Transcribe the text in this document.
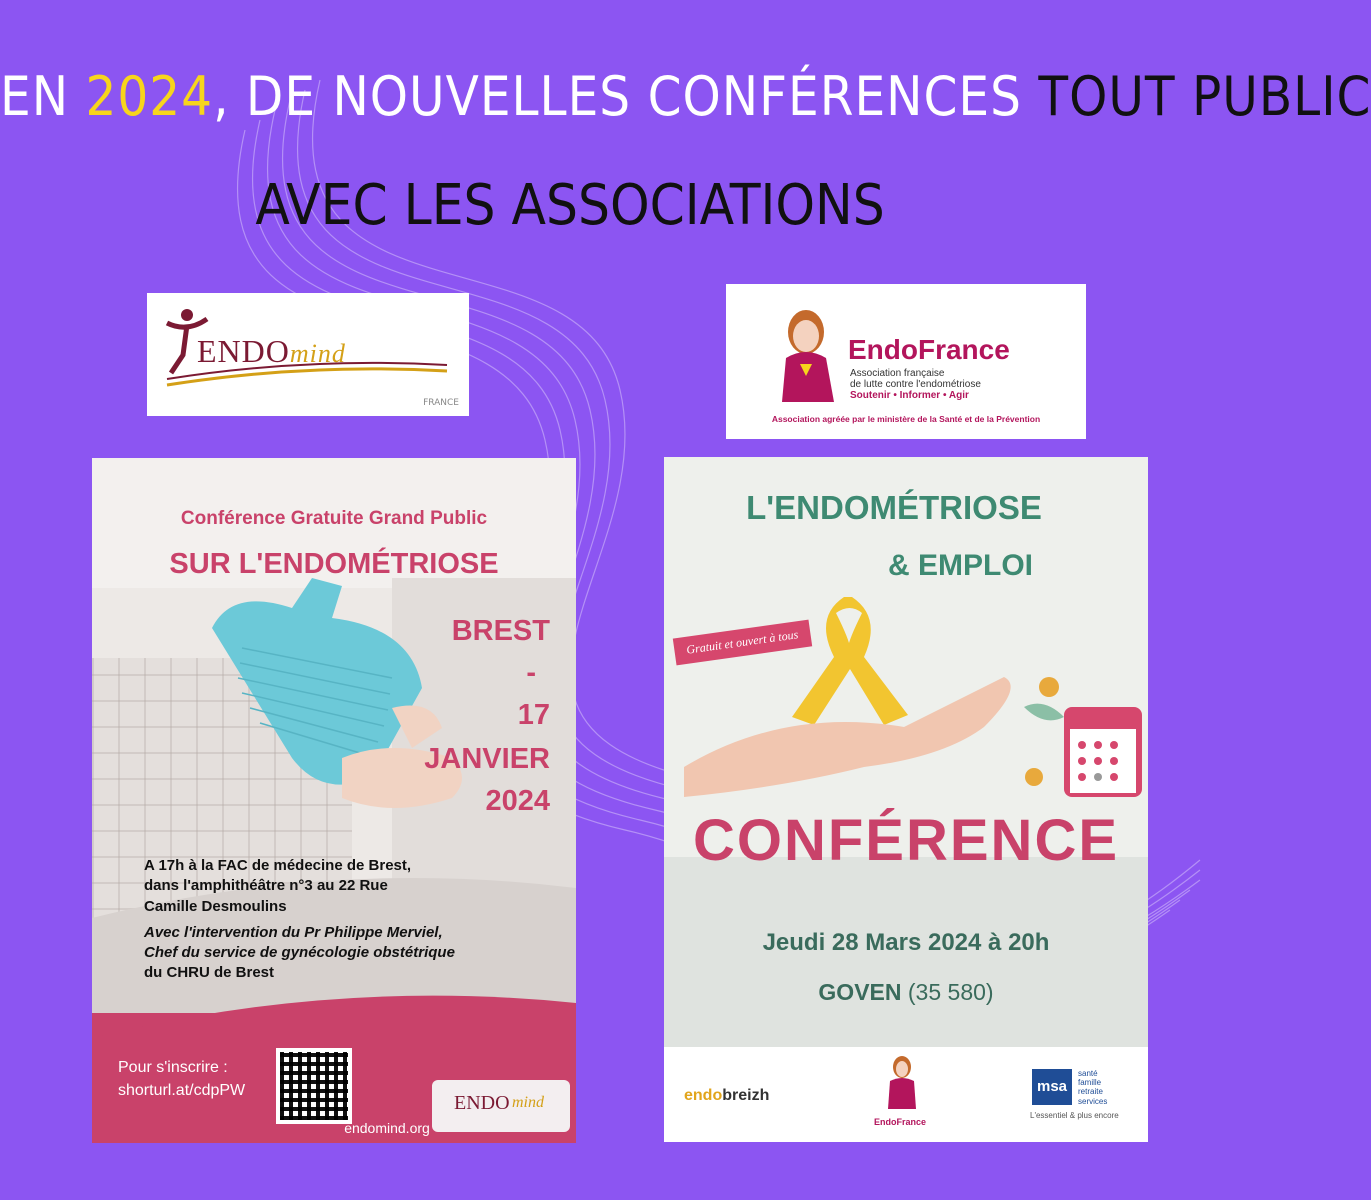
EN 2024, DE NOUVELLES CONFÉRENCES TOUT PUBLIC
AVEC LES ASSOCIATIONS
ENDOmind
FRANCE
EndoFrance
Association française
de lutte contre l'endométriose
Soutenir • Informer • Agir
Association agréée par le ministère de la Santé et de la Prévention
Conférence Gratuite Grand Public
SUR L'ENDOMÉTRIOSE
BREST
-
17
JANVIER
2024

A 17h à la FAC de médecine de Brest,
dans l'amphithéâtre n°3 au 22 Rue
Camille Desmoulins

Avec l'intervention du Pr Philippe Merviel,
Chef du service de gynécologie obstétrique
du CHRU de Brest

Pour s'inscrire :
shorturl.at/cdpPW
ENDO mind
endomind.org
L'ENDOMÉTRIOSE
& EMPLOI
Gratuit et ouvert à tous
CONFÉRENCE
Jeudi 28 Mars 2024 à 20h
GOVEN (35 580)
endobreizh
EndoFrance
msa
santé
famille
retraite
services
L'essentiel & plus encore
